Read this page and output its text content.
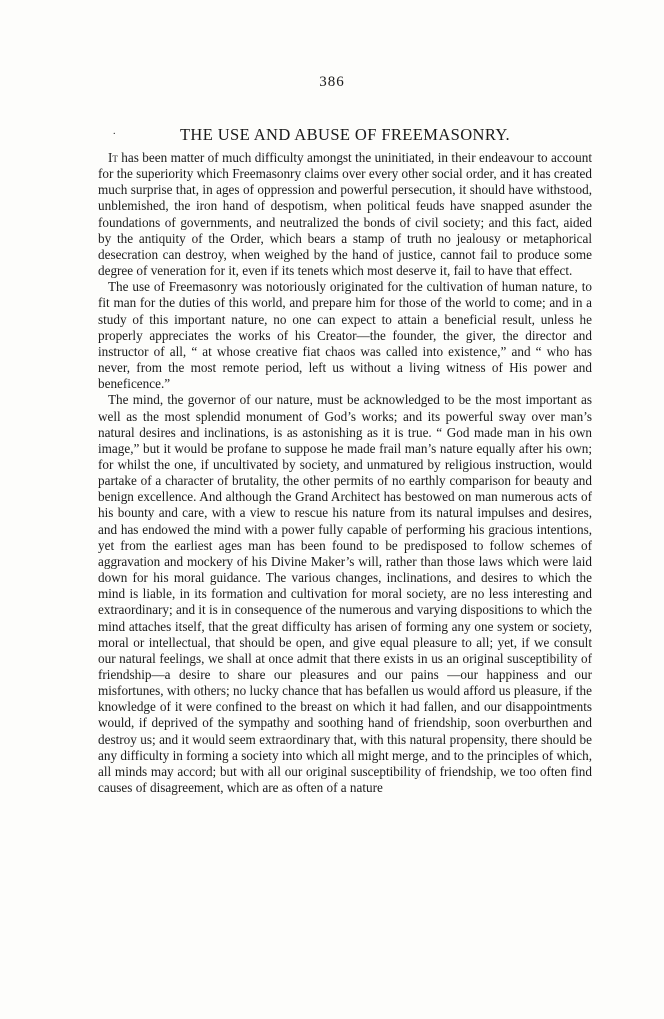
386
.	THE USE AND ABUSE OF FREEMASONRY.

It has been matter of much difficulty amongst the uninitiated, in their endeavour to account for the superiority which Freemasonry claims over every other social order, and it has created much surprise that, in ages of oppression and powerful persecution, it should have withstood, unblemished, the iron hand of despotism, when political feuds have snapped asunder the foundations of governments, and neutralized the bonds of civil society; and this fact, aided by the antiquity of the Order, which bears a stamp of truth no jealousy or metaphorical desecration can destroy, when weighed by the hand of justice, cannot fail to produce some degree of veneration for it, even if its tenets which most deserve it, fail to have that effect.

The use of Freemasonry was notoriously originated for the cultivation of human nature, to fit man for the duties of this world, and prepare him for those of the world to come; and in a study of this important nature, no one can expect to attain a beneficial result, unless he properly appreciates the works of his Creator—the founder, the giver, the director and instructor of all, “ at whose creative fiat chaos was called into existence,” and “ who has never, from the most remote period, left us without a living witness of His power and beneficence.”

The mind, the governor of our nature, must be acknowledged to be the most important as well as the most splendid monument of God’s works; and its powerful sway over man’s natural desires and inclinations, is as astonishing as it is true. “ God made man in his own image,” but it would be profane to suppose he made frail man’s nature equally after his own; for whilst the one, if uncultivated by society, and unmatured by religious instruction, would partake of a character of brutality, the other permits of no earthly comparison for beauty and benign excellence. And although the Grand Architect has bestowed on man numerous acts of his bounty and care, with a view to rescue his nature from its natural impulses and desires, and has endowed the mind with a power fully capable of performing his gracious intentions, yet from the earliest ages man has been found to be predisposed to follow schemes of aggravation and mockery of his Divine Maker’s will, rather than those laws which were laid down for his moral guidance. The various changes, inclinations, and desires to which the mind is liable, in its formation and cultivation for moral society, are no less interesting and extraordinary; and it is in consequence of the numerous and varying dispositions to which the mind attaches itself, that the great difficulty has arisen of forming any one system or society, moral or intellectual, that should be open, and give equal pleasure to all; yet, if we consult our natural feelings, we shall at once admit that there exists in us an original susceptibility of friendship—a desire to share our pleasures and our pains —our happiness and our misfortunes, with others; no lucky chance that has befallen us would afford us pleasure, if the knowledge of it were confined to the breast on which it had fallen, and our disappointments would, if deprived of the sympathy and soothing hand of friendship, soon overburthen and destroy us; and it would seem extraordinary that, with this natural propensity, there should be any difficulty in forming a society into which all might merge, and to the principles of which, all minds may accord; but with all our original susceptibility of friendship, we too often find causes of disagreement, which are as often of a nature
